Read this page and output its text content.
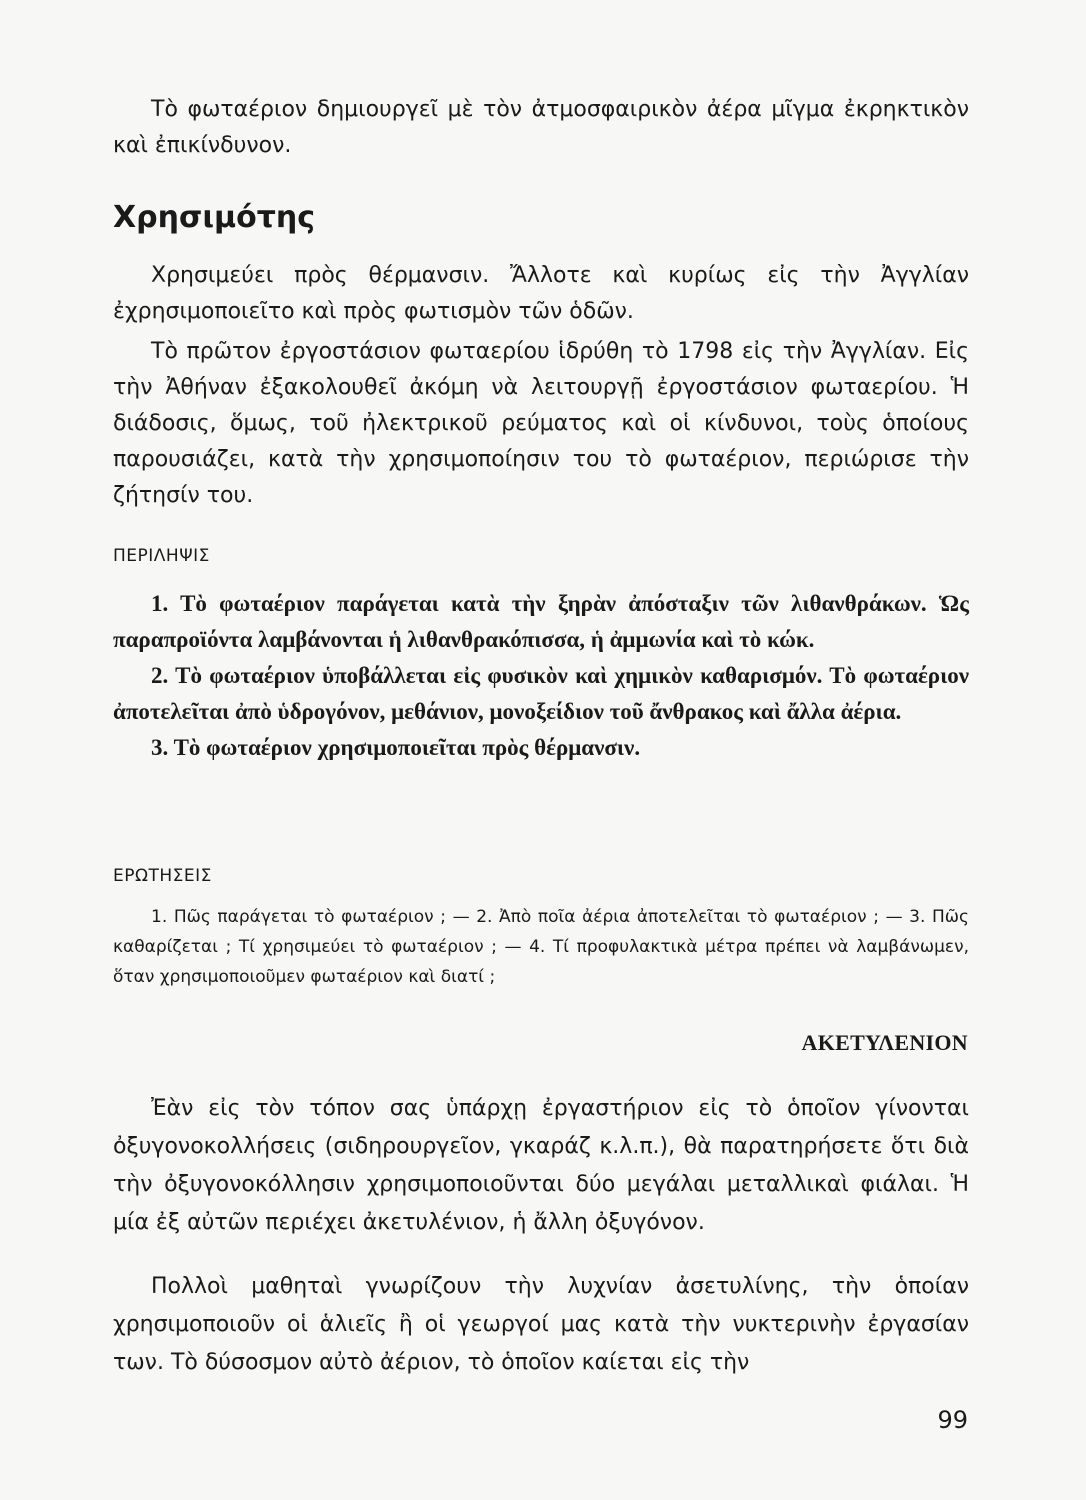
Τὸ φωταέριον δημιουργεῖ μὲ τὸν ἀτμοσφαιρικὸν ἀέρα μῖγμα ἐκρηκτικὸν καὶ ἐπικίνδυνον.

Χρησιμότης

Χρησιμεύει πρὸς θέρμανσιν. Ἄλλοτε καὶ κυρίως εἰς τὴν Ἀγγλίαν ἐχρησιμοποιεῖτο καὶ πρὸς φωτισμὸν τῶν ὁδῶν.

Τὸ πρῶτον ἐργοστάσιον φωταερίου ἱδρύθη τὸ 1798 εἰς τὴν Ἀγγλίαν. Εἰς τὴν Ἀθήναν ἐξακολουθεῖ ἀκόμη νὰ λειτουργῇ ἐργοστάσιον φωταερίου. Ἡ διάδοσις, ὅμως, τοῦ ἠλεκτρικοῦ ρεύματος καὶ οἱ κίνδυνοι, τοὺς ὁποίους παρουσιάζει, κατὰ τὴν χρησιμοποίησιν του τὸ φωταέριον, περιώρισε τὴν ζήτησίν του.

ΠΕΡΙΛΗΨΙΣ

1. Τὸ φωταέριον παράγεται κατὰ τὴν ξηρὰν ἀπόσταξιν τῶν λιθανθράκων. Ὡς παραπροϊόντα λαμβάνονται ἡ λιθανθρακόπισσα, ἡ ἀμμωνία καὶ τὸ κώκ.

2. Τὸ φωταέριον ὑποβάλλεται εἰς φυσικὸν καὶ χημικὸν καθαρισμόν. Τὸ φωταέριον ἀποτελεῖται ἀπὸ ὑδρογόνον, μεθάνιον, μονοξείδιον τοῦ ἄνθρακος καὶ ἄλλα ἀέρια.

3. Τὸ φωταέριον χρησιμοποιεῖται πρὸς θέρμανσιν.

ΕΡΩΤΗΣΕΙΣ

1. Πῶς παράγεται τὸ φωταέριον ; — 2. Ἀπὸ ποῖα ἀέρια ἀποτελεῖται τὸ φωταέριον ; — 3. Πῶς καθαρίζεται ; Τί χρησιμεύει τὸ φωταέριον ; — 4. Τί προφυλακτικὰ μέτρα πρέπει νὰ λαμβάνωμεν, ὅταν χρησιμοποιοῦμεν φωταέριον καὶ διατί ;

ΑΚΕΤΥΛΕΝΙΟΝ

Ἐὰν εἰς τὸν τόπον σας ὑπάρχῃ ἐργαστήριον εἰς τὸ ὁποῖον γίνονται ὀξυγονοκολλήσεις (σιδηρουργεῖον, γκαράζ κ.λ.π.), θὰ παρατηρήσετε ὅτι διὰ τὴν ὀξυγονοκόλλησιν χρησιμοποιοῦνται δύο μεγάλαι μεταλλικαὶ φιάλαι. Ἡ μία ἐξ αὐτῶν περιέχει ἀκετυλένιον, ἡ ἄλλη ὀξυγόνον.

Πολλοὶ μαθηταὶ γνωρίζουν τὴν λυχνίαν ἀσετυλίνης, τὴν ὁποίαν χρησιμοποιοῦν οἱ ἁλιεῖς ἢ οἱ γεωργοί μας κατὰ τὴν νυκτερινὴν ἐργασίαν των. Τὸ δύσοσμον αὐτὸ ἀέριον, τὸ ὁποῖον καίεται εἰς τὴν

99
